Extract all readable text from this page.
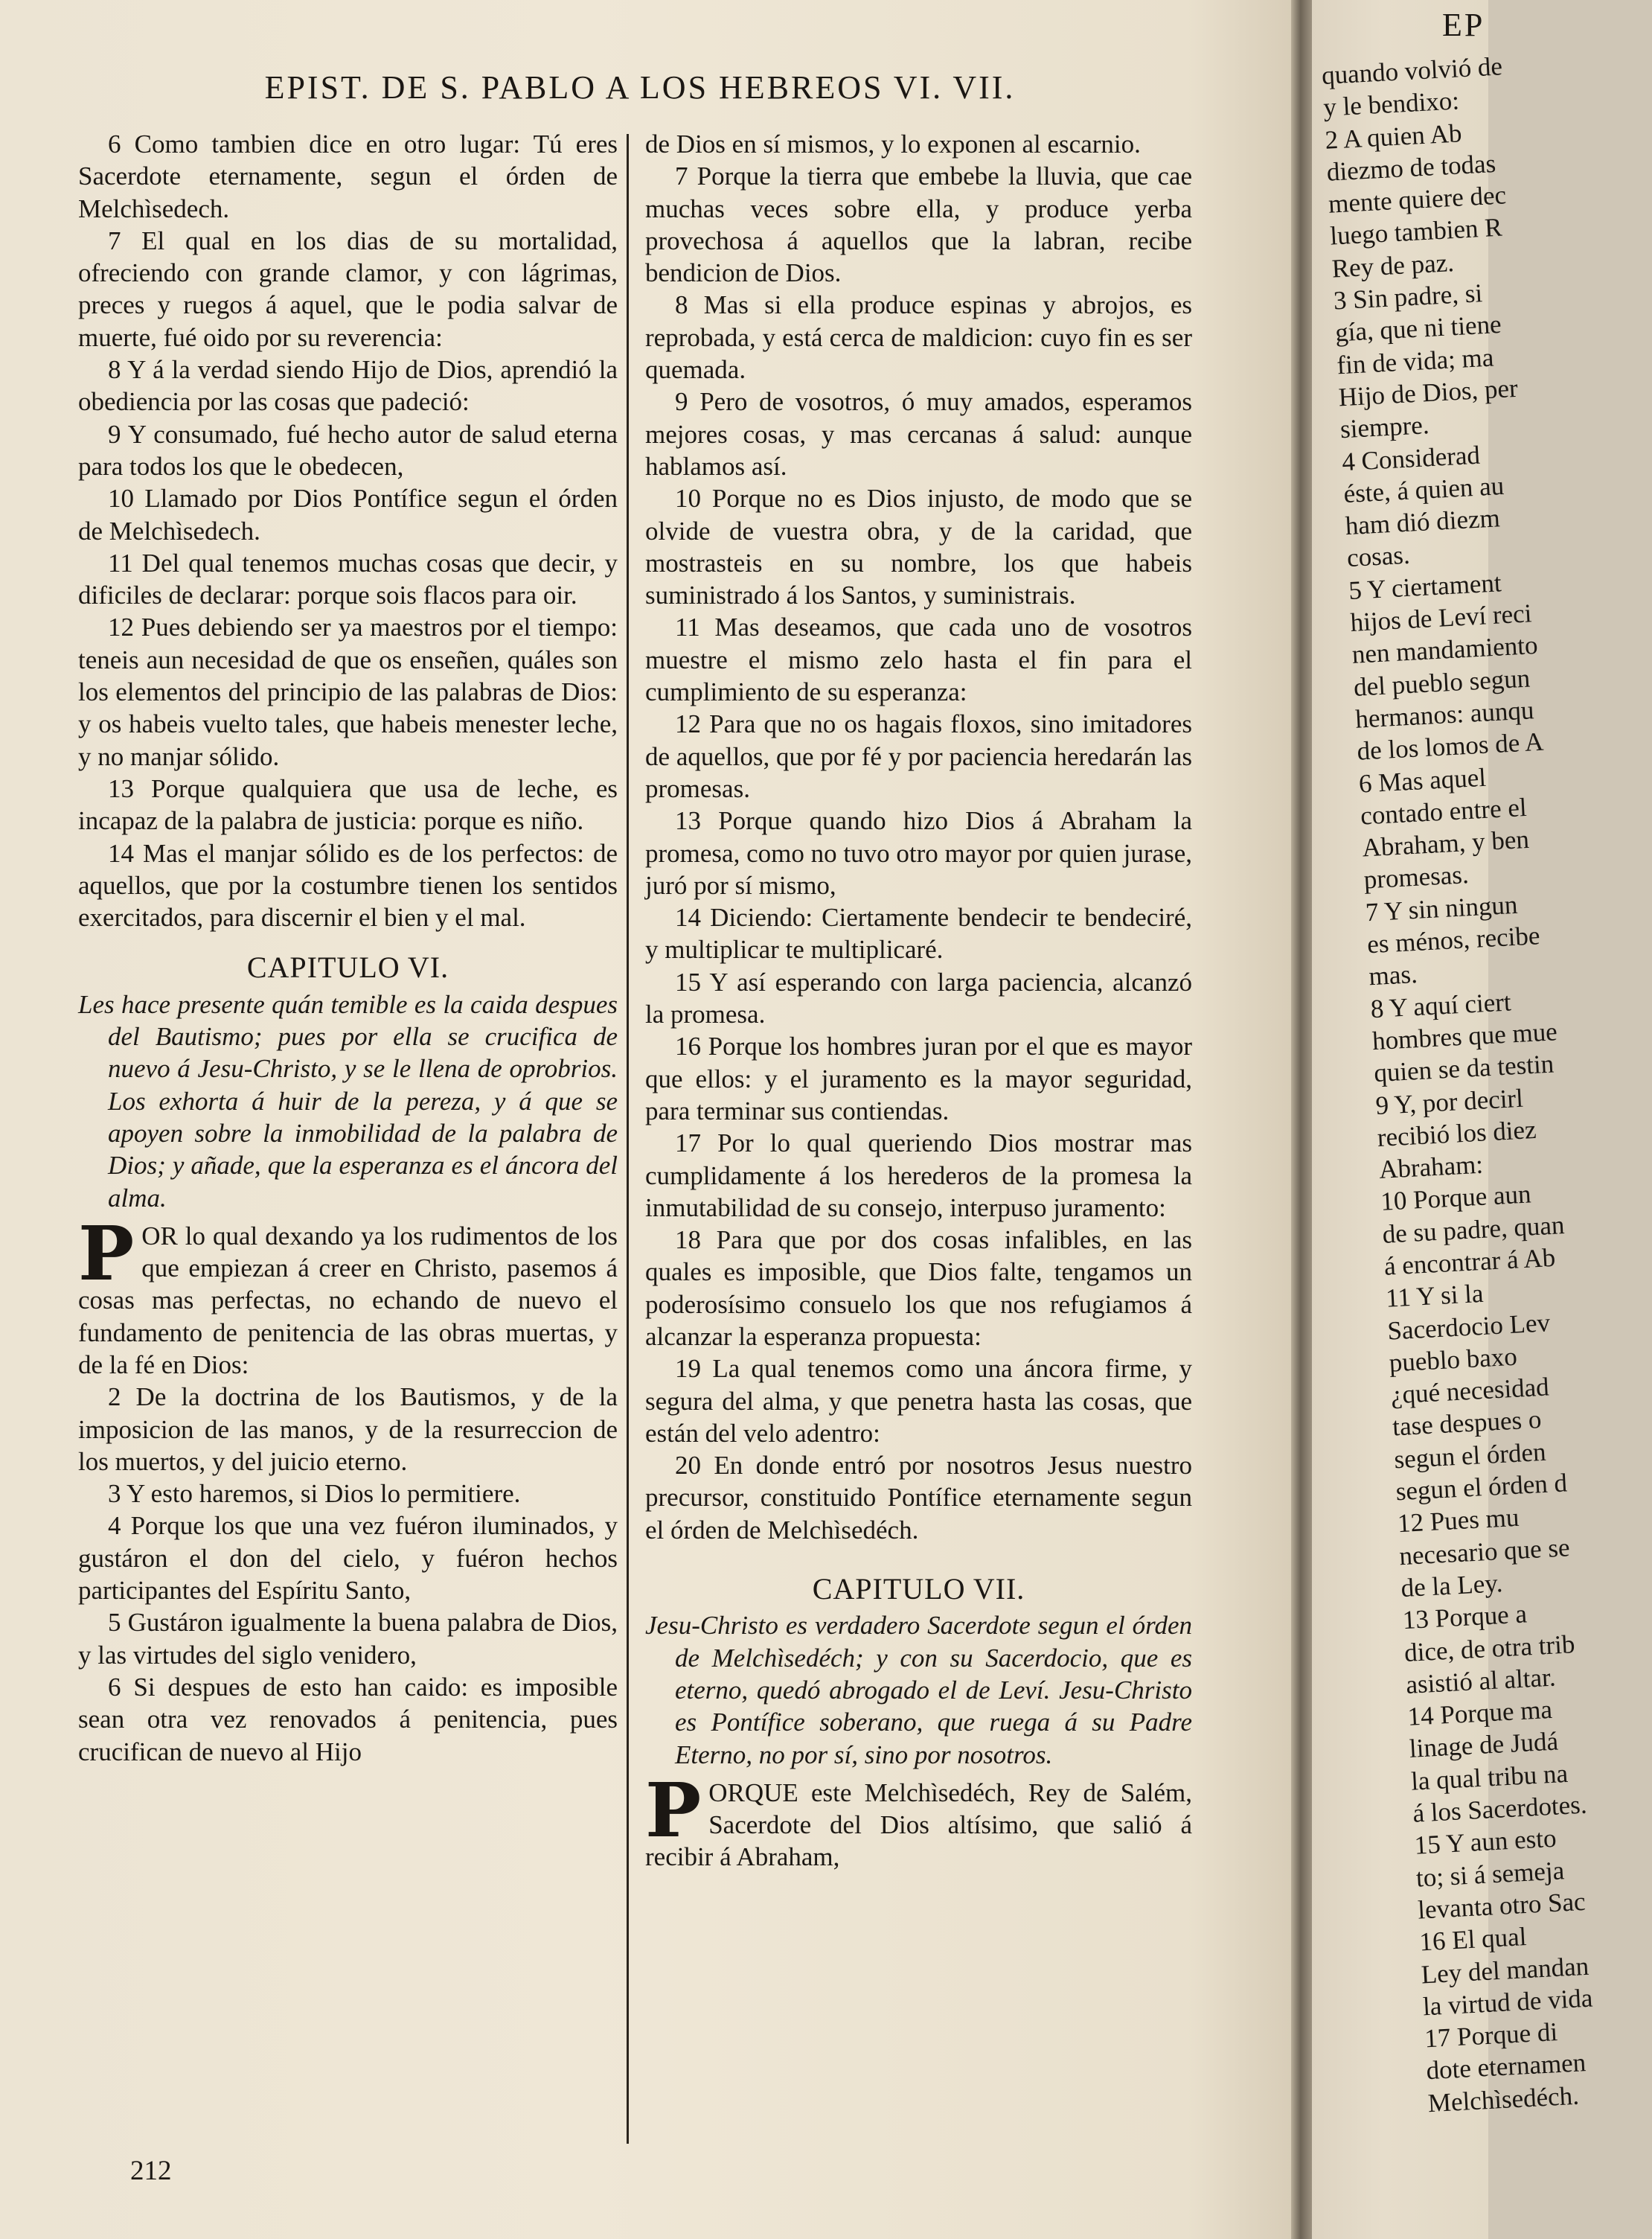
EPIST. DE S. PABLO A LOS HEBREOS VI. VII.

6 Como tambien dice en otro lugar: Tú eres Sacerdote eternamente, segun el órden de Melchìsedech.

7 El qual en los dias de su mortalidad, ofreciendo con grande clamor, y con lágrimas, preces y ruegos á aquel, que le podia salvar de muerte, fué oido por su reverencia:

8 Y á la verdad siendo Hijo de Dios, aprendió la obediencia por las cosas que padeció:

9 Y consumado, fué hecho autor de salud eterna para todos los que le obedecen,

10 Llamado por Dios Pontífice segun el órden de Melchìsedech.

11 Del qual tenemos muchas cosas que decir, y dificiles de declarar: porque sois flacos para oir.

12 Pues debiendo ser ya maestros por el tiempo: teneis aun necesidad de que os enseñen, quáles son los elementos del principio de las palabras de Dios: y os habeis vuelto tales, que habeis menester leche, y no manjar sólido.

13 Porque qualquiera que usa de leche, es incapaz de la palabra de justicia: porque es niño.

14 Mas el manjar sólido es de los perfectos: de aquellos, que por la costumbre tienen los sentidos exercitados, para discernir el bien y el mal.

CAPITULO VI.

Les hace presente quán temible es la caida despues del Bautismo; pues por ella se crucifica de nuevo á Jesu-Christo, y se le llena de oprobrios. Los exhorta á huir de la pereza, y á que se apoyen sobre la inmobilidad de la palabra de Dios; y añade, que la esperanza es el áncora del alma.

POR lo qual dexando ya los rudimentos de los que empiezan á creer en Christo, pasemos á cosas mas perfectas, no echando de nuevo el fundamento de penitencia de las obras muertas, y de la fé en Dios:

2 De la doctrina de los Bautismos, y de la imposicion de las manos, y de la resurreccion de los muertos, y del juicio eterno.

3 Y esto haremos, si Dios lo permitiere.

4 Porque los que una vez fuéron iluminados, y gustáron el don del cielo, y fuéron hechos participantes del Espíritu Santo,

5 Gustáron igualmente la buena palabra de Dios, y las virtudes del siglo venidero,

6 Si despues de esto han caido: es imposible sean otra vez renovados á penitencia, pues crucifican de nuevo al Hijo

de Dios en sí mismos, y lo exponen al escarnio.

7 Porque la tierra que embebe la lluvia, que cae muchas veces sobre ella, y produce yerba provechosa á aquellos que la labran, recibe bendicion de Dios.

8 Mas si ella produce espinas y abrojos, es reprobada, y está cerca de maldicion: cuyo fin es ser quemada.

9 Pero de vosotros, ó muy amados, esperamos mejores cosas, y mas cercanas á salud: aunque hablamos así.

10 Porque no es Dios injusto, de modo que se olvide de vuestra obra, y de la caridad, que mostrasteis en su nombre, los que habeis suministrado á los Santos, y suministrais.

11 Mas deseamos, que cada uno de vosotros muestre el mismo zelo hasta el fin para el cumplimiento de su esperanza:

12 Para que no os hagais floxos, sino imitadores de aquellos, que por fé y por paciencia heredarán las promesas.

13 Porque quando hizo Dios á Abraham la promesa, como no tuvo otro mayor por quien jurase, juró por sí mismo,

14 Diciendo: Ciertamente bendecir te bendeciré, y multiplicar te multiplicaré.

15 Y así esperando con larga paciencia, alcanzó la promesa.

16 Porque los hombres juran por el que es mayor que ellos: y el juramento es la mayor seguridad, para terminar sus contiendas.

17 Por lo qual queriendo Dios mostrar mas cumplidamente á los herederos de la promesa la inmutabilidad de su consejo, interpuso juramento:

18 Para que por dos cosas infalibles, en las quales es imposible, que Dios falte, tengamos un poderosísimo consuelo los que nos refugiamos á alcanzar la esperanza propuesta:

19 La qual tenemos como una áncora firme, y segura del alma, y que penetra hasta las cosas, que están del velo adentro:

20 En donde entró por nosotros Jesus nuestro precursor, constituido Pontífice eternamente segun el órden de Melchìsedéch.

CAPITULO VII.

Jesu-Christo es verdadero Sacerdote segun el órden de Melchìsedéch; y con su Sacerdocio, que es eterno, quedó abrogado el de Leví. Jesu-Christo es Pontífice soberano, que ruega á su Padre Eterno, no por sí, sino por nosotros.

PORQUE este Melchìsedéch, Rey de Salém, Sacerdote del Dios altísimo, que salió á recibir á Abraham,

212
EP

quando volvió de

y le bendixo:

2 A quien Ab

diezmo de todas

mente quiere dec

luego tambien R

Rey de paz.

3 Sin padre, si

gía, que ni tiene

fin de vida; ma

Hijo de Dios, per

siempre.

4 Considerad

éste, á quien au

ham dió diezm

cosas.

5 Y ciertament

hijos de Leví reci

nen mandamiento

del pueblo segun

hermanos: aunqu

de los lomos de A

6 Mas aquel

contado entre el

Abraham, y ben

promesas.

7 Y sin ningun

es ménos, recibe

mas.

8 Y aquí ciert

hombres que mue

quien se da testin

9 Y, por decirl

recibió los diez

Abraham:

10 Porque aun

de su padre, quan

á encontrar á Ab

11 Y si la

Sacerdocio Lev

pueblo baxo

¿qué necesidad

tase despues o

segun el órden

segun el órden d

12 Pues mu

necesario que se

de la Ley.

13 Porque a

dice, de otra trib

asistió al altar.

14 Porque ma

linage de Judá

la qual tribu na

á los Sacerdotes.

15 Y aun esto

to; si á semeja

levanta otro Sac

16 El qual

Ley del mandan

la virtud de vida

17 Porque di

dote eternamen

Melchìsedéch.
